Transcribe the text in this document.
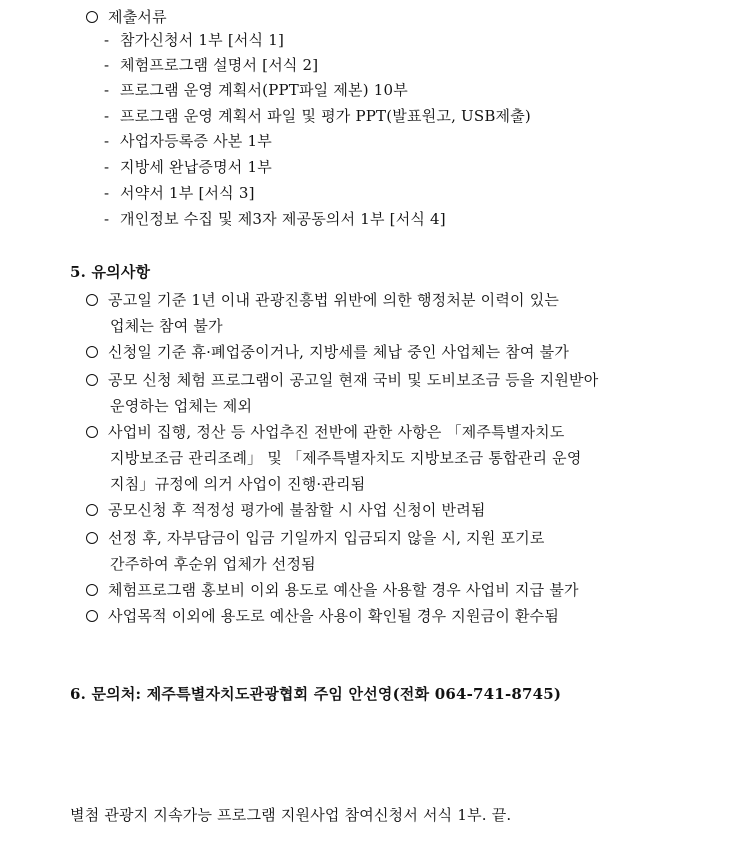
제출서류
- 참가신청서 1부 [서식 1]
- 체험프로그램 설명서 [서식 2]
- 프로그램 운영 계획서(PPT파일 제본) 10부
- 프로그램 운영 계획서 파일 및 평가 PPT(발표원고, USB제출)
- 사업자등록증 사본 1부
- 지방세 완납증명서 1부
- 서약서 1부 [서식 3]
- 개인정보 수집 및 제3자 제공동의서 1부 [서식 4]
5. 유의사항
공고일 기준 1년 이내 관광진흥법 위반에 의한 행정처분 이력이 있는
업체는 참여 불가
신청일 기준 휴·폐업중이거나, 지방세를 체납 중인 사업체는 참여 불가
공모 신청 체험 프로그램이 공고일 현재 국비 및 도비보조금 등을 지원받아
운영하는 업체는 제외
사업비 집행, 정산 등 사업추진 전반에 관한 사항은 「제주특별자치도
지방보조금 관리조례」 및 「제주특별자치도 지방보조금 통합관리 운영
지침」규정에 의거 사업이 진행·관리됨
공모신청 후 적정성 평가에 불참할 시 사업 신청이 반려됨
선정 후, 자부담금이 입금 기일까지 입금되지 않을 시, 지원 포기로
간주하여 후순위 업체가 선정됨
체험프로그램 홍보비 이외 용도로 예산을 사용할 경우 사업비 지급 불가
사업목적 이외에 용도로 예산을 사용이 확인될 경우 지원금이 환수됨
6. 문의처: 제주특별자치도관광협회 주임 안선영(전화 064-741-8745)
별첨 관광지 지속가능 프로그램 지원사업 참여신청서 서식 1부. 끝.
